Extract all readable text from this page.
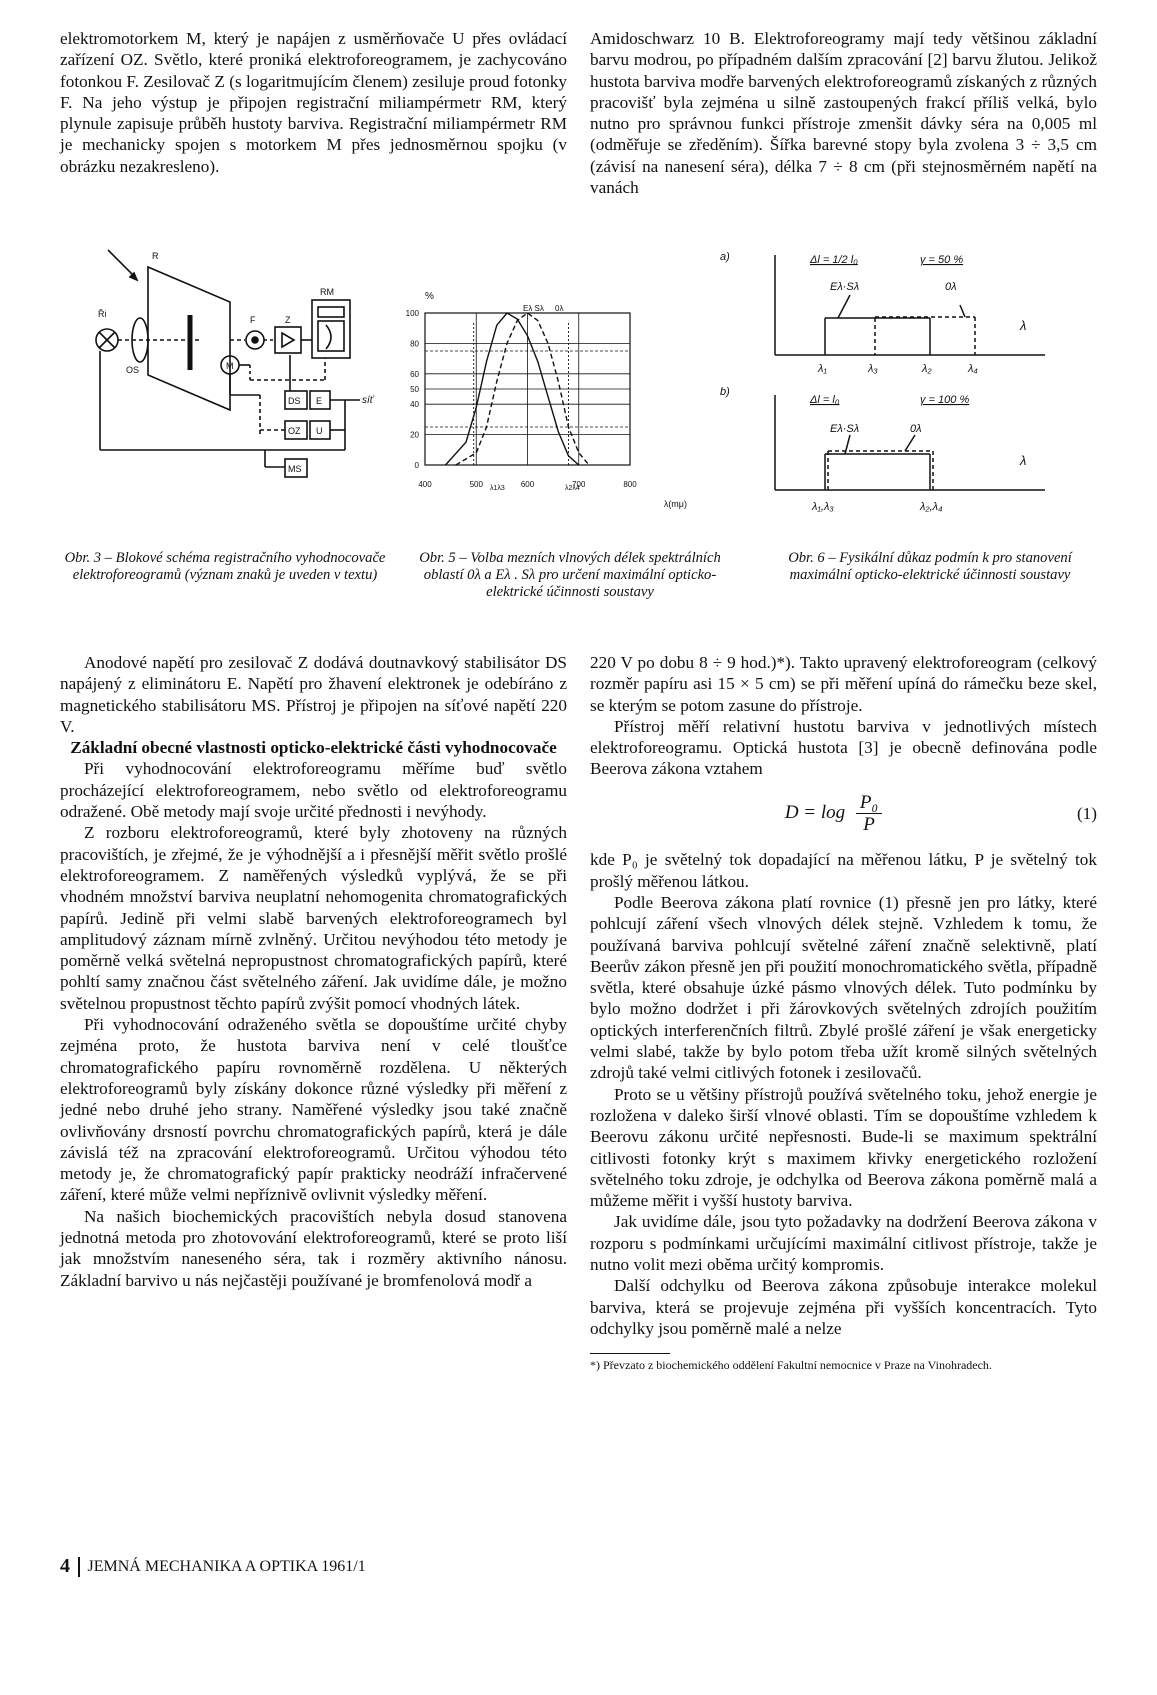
elektromotorkem M, který je napájen z usměrňovače U přes ovládací zařízení OZ. Světlo, které proniká elektroforeogramem, je zachycováno fotonkou F. Zesilovač Z (s logaritmujícím členem) zesiluje proud fotonky F. Na jeho výstup je připojen registrační miliampérmetr RM, který plynule zapisuje průběh hustoty barviva. Registrační miliampérmetr RM je mechanicky spojen s motorkem M přes jednosměrnou spojku (v obrázku nezakresleno).

Amidoschwarz 10 B. Elektroforeogramy mají tedy většinou základní barvu modrou, po případném dalším zpracování [2] barvu žlutou. Jelikož hustota barviva modře barvených elektroforeogramů získaných z různých pracovišť byla zejména u silně zastoupených frakcí příliš velká, bylo nutno pro správnou funkci přístroje zmenšit dávky séra na 0,005 ml (odměřuje se zředěním). Šířka barevné stopy byla zvolena 3 ÷ 3,5 cm (závisí na nanesení séra), délka 7 ÷ 8 cm (při stejnosměrném napětí na vanách

Ři
OS
R
F	Z
RM
M
DS E
OZ U
MS
síť
Obr. 3 – Blokové schéma registračního vyhodnocovače elektroforeogramů (význam znaků je uveden v textu)
%
λ(mμ)
Eλ Sλ 0λ
λ1λ3	λ2λ4
100
80
60
50
40
20
0
400	500	600	700	800
Obr. 5 – Volba mezních vlnových délek spektrálních oblastí 0λ a Eλ . Sλ pro určení maximální opticko-elektrické účinnosti soustavy
a)	Δl = 1/2 l₀	γ = 50 %
Eλ·Sλ	0λ
λ
λ₁	λ₃	λ₂	λ₄
b)
Δl = l₀	γ = 100 %
Eλ·Sλ	0λ
λ
λ₁,λ₃	λ₂,λ₄
Obr. 6 – Fysikální důkaz podmín k pro stanovení maximální opticko-elektrické účinnosti soustavy

Anodové napětí pro zesilovač Z dodává doutnavkový stabilisátor DS napájený z eliminátoru E. Napětí pro žhavení elektronek je odebíráno z magnetického stabilisátoru MS. Přístroj je připojen na síťové napětí 220 V.

Základní obecné vlastnosti opticko-elektrické části vyhodnocovače

Při vyhodnocování elektroforeogramu měříme buď světlo procházející elektroforeogramem, nebo světlo od elektroforeogramu odražené. Obě metody mají svoje určité přednosti i nevýhody.

Z rozboru elektroforeogramů, které byly zhotoveny na různých pracovištích, je zřejmé, že je výhodnější a i přesnější měřit světlo prošlé elektroforeogramem. Z naměřených výsledků vyplývá, že se při vhodném množství barviva neuplatní nehomogenita chromatografických papírů. Jedině při velmi slabě barvených elektroforeogramech byl amplitudový záznam mírně zvlněný. Určitou nevýhodou této metody je poměrně velká světelná nepropustnost chromatografických papírů, které pohltí samy značnou část světelného záření. Jak uvidíme dále, je možno světelnou propustnost těchto papírů zvýšit pomocí vhodných látek.

Při vyhodnocování odraženého světla se dopouštíme určité chyby zejména proto, že hustota barviva není v celé tloušťce chromatografického papíru rovnoměrně rozdělena. U některých elektroforeogramů byly získány dokonce různé výsledky při měření z jedné nebo druhé jeho strany. Naměřené výsledky jsou také značně ovlivňovány drsností povrchu chromatografických papírů, která je dále závislá též na zpracování elektroforeogramů. Určitou výhodou této metody je, že chromatografický papír prakticky neodráží infračervené záření, které může velmi nepříznivě ovlivnit výsledky měření.

Na našich biochemických pracovištích nebyla dosud stanovena jednotná metoda pro zhotovování elektroforeogramů, které se proto liší jak množstvím naneseného séra, tak i rozměry aktivního nánosu. Základní barvivo u nás nejčastěji používané je bromfenolová modř a

220 V po dobu 8 ÷ 9 hod.)*). Takto upravený elektroforeogram (celkový rozměr papíru asi 15 × 5 cm) se při měření upíná do rámečku beze skel, se kterým se potom zasune do přístroje.

Přístroj měří relativní hustotu barviva v jednotlivých místech elektroforeogramu. Optická hustota [3] je obecně definována podle Beerova zákona vztahem

$D = \log \frac{\text{P₀}}{P}$	(1)

kde P₀ je světelný tok dopadající na měřenou látku, P je světelný tok prošlý měřenou látkou.

Podle Beerova zákona platí rovnice (1) přesně jen pro látky, které pohlcují záření všech vlnových délek stejně. Vzhledem k tomu, že používaná barviva pohlcují světelné záření značně selektivně, platí Beerův zákon přesně jen při použití monochromatického světla, případně světla, které obsahuje úzké pásmo vlnových délek. Tuto podmínku by bylo možno dodržet i při žárovkových světelných zdrojích použitím optických interferenčních filtrů. Zbylé prošlé záření je však energeticky velmi slabé, takže by bylo potom třeba užít kromě silných světelných zdrojů také velmi citlivých fotonek i zesilovačů.

Proto se u většiny přístrojů používá světelného toku, jehož energie je rozložena v daleko širší vlnové oblasti. Tím se dopouštíme vzhledem k Beerovu zákonu určité nepřesnosti. Bude-li se maximum spektrální citlivosti fotonky krýt s maximem křivky energetického rozložení světelného toku zdroje, je odchylka od Beerova zákona poměrně malá a můžeme měřit i vyšší hustoty barviva.

Jak uvidíme dále, jsou tyto požadavky na dodržení Beerova zákona v rozporu s podmínkami určujícími maximální citlivost přístroje, takže je nutno volit mezi oběma určitý kompromis.

Další odchylku od Beerova zákona způsobuje interakce molekul barviva, která se projevuje zejména při vyšších koncentracích. Tyto odchylky jsou poměrně malé a nelze

*) Převzato z biochemického oddělení Fakultní nemocnice v Praze na Vinohradech.

4 JEMNÁ MECHANIKA A OPTIKA 1961/1
